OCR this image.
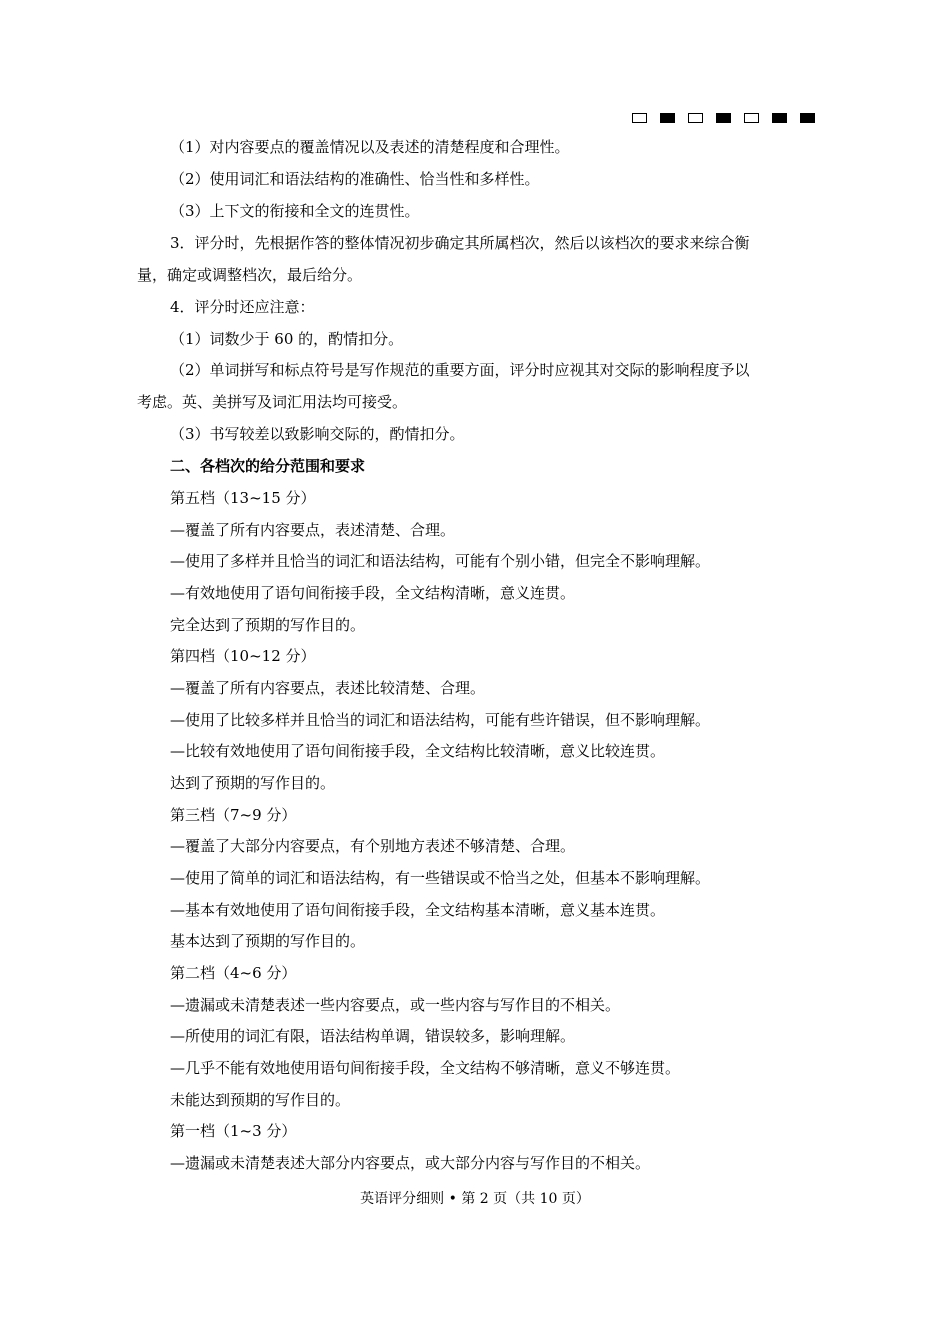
（1）对内容要点的覆盖情况以及表述的清楚程度和合理性。
（2）使用词汇和语法结构的准确性、恰当性和多样性。
（3）上下文的衔接和全文的连贯性。
3．评分时，先根据作答的整体情况初步确定其所属档次，然后以该档次的要求来综合衡
量，确定或调整档次，最后给分。
4．评分时还应注意：
（1）词数少于 60 的，酌情扣分。
（2）单词拼写和标点符号是写作规范的重要方面，评分时应视其对交际的影响程度予以
考虑。英、美拼写及词汇用法均可接受。
（3）书写较差以致影响交际的，酌情扣分。
二、各档次的给分范围和要求
第五档（13~15 分）
—覆盖了所有内容要点，表述清楚、合理。
—使用了多样并且恰当的词汇和语法结构，可能有个别小错，但完全不影响理解。
—有效地使用了语句间衔接手段，全文结构清晰，意义连贯。
完全达到了预期的写作目的。
第四档（10~12 分）
—覆盖了所有内容要点，表述比较清楚、合理。
—使用了比较多样并且恰当的词汇和语法结构，可能有些许错误，但不影响理解。
—比较有效地使用了语句间衔接手段，全文结构比较清晰，意义比较连贯。
达到了预期的写作目的。
第三档（7~9 分）
—覆盖了大部分内容要点，有个别地方表述不够清楚、合理。
—使用了简单的词汇和语法结构，有一些错误或不恰当之处，但基本不影响理解。
—基本有效地使用了语句间衔接手段，全文结构基本清晰，意义基本连贯。
基本达到了预期的写作目的。
第二档（4~6 分）
—遗漏或未清楚表述一些内容要点，或一些内容与写作目的不相关。
—所使用的词汇有限，语法结构单调，错误较多，影响理解。
—几乎不能有效地使用语句间衔接手段，全文结构不够清晰，意义不够连贯。
未能达到预期的写作目的。
第一档（1~3 分）
—遗漏或未清楚表述大部分内容要点，或大部分内容与写作目的不相关。
英语评分细则 • 第 2 页（共 10 页）
